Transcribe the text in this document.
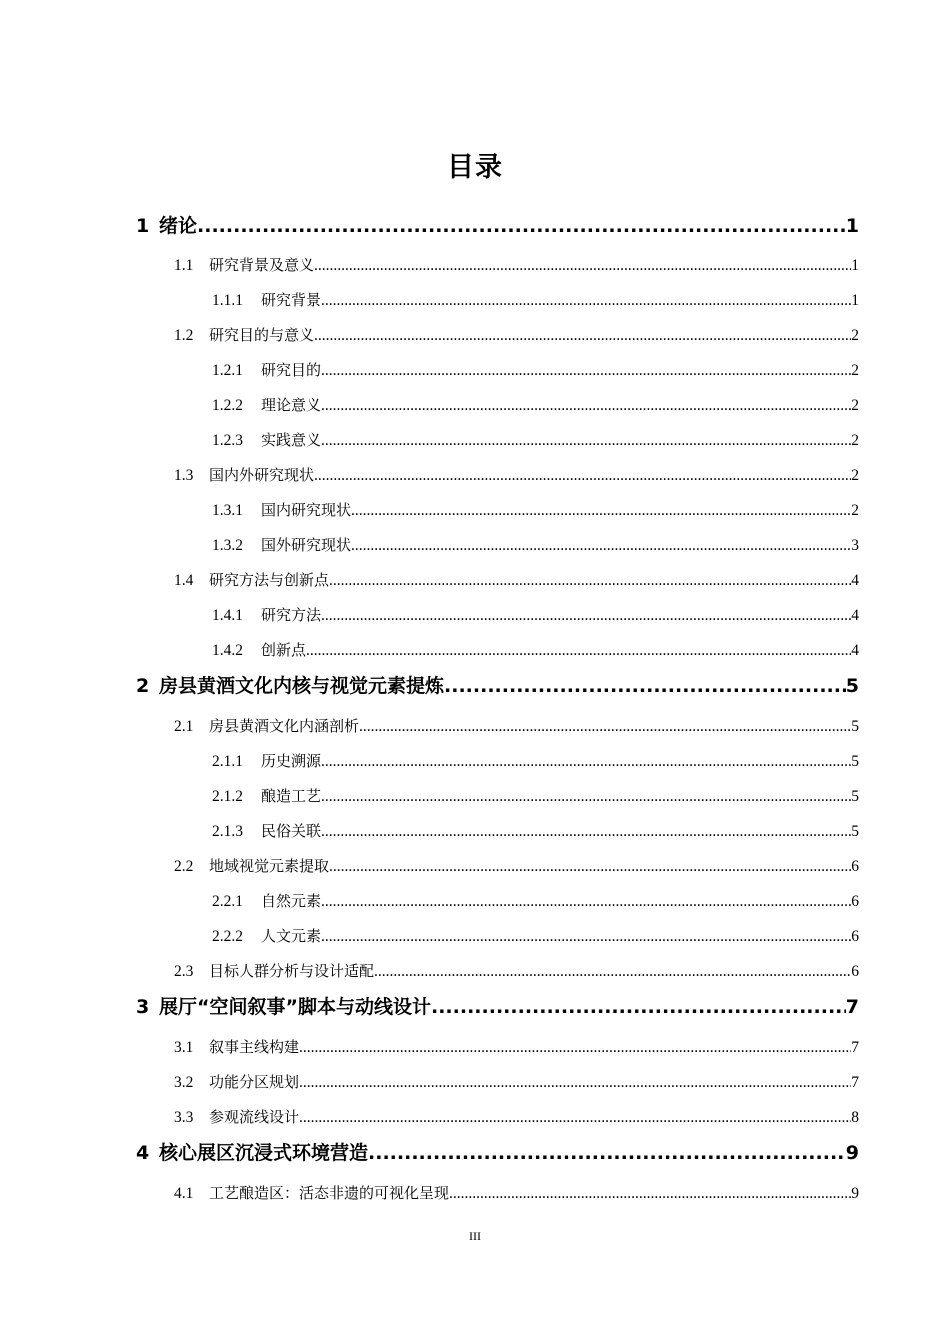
目录
1 绪论 .....	1
1.1	研究背景及意义 .....	1
1.1.1	研究背景 .....	1
1.2	研究目的与意义 .....	2
1.2.1	研究目的 .....	2
1.2.2	理论意义 .....	2
1.2.3	实践意义 .....	2
1.3	国内外研究现状 .....	2
1.3.1	国内研究现状 .....	2
1.3.2	国外研究现状 .....	3
1.4	研究方法与创新点 .....	4
1.4.1	研究方法 .....	4
1.4.2	创新点 .....	4
2 房县黄酒文化内核与视觉元素提炼 .....	5
2.1	房县黄酒文化内涵剖析 .....	5
2.1.1	历史溯源 .....	5
2.1.2	酿造工艺 .....	5
2.1.3	民俗关联 .....	5
2.2	地域视觉元素提取 .....	6
2.2.1	自然元素 .....	6
2.2.2	人文元素 .....	6
2.3	目标人群分析与设计适配 .....	6
3 展厅“空间叙事”脚本与动线设计 .....	7
3.1	叙事主线构建 .....	7
3.2	功能分区规划 .....	7
3.3	参观流线设计 .....	8
4 核心展区沉浸式环境营造 .....	9
4.1	工艺酿造区：活态非遗的可视化呈现 .....	9
III
